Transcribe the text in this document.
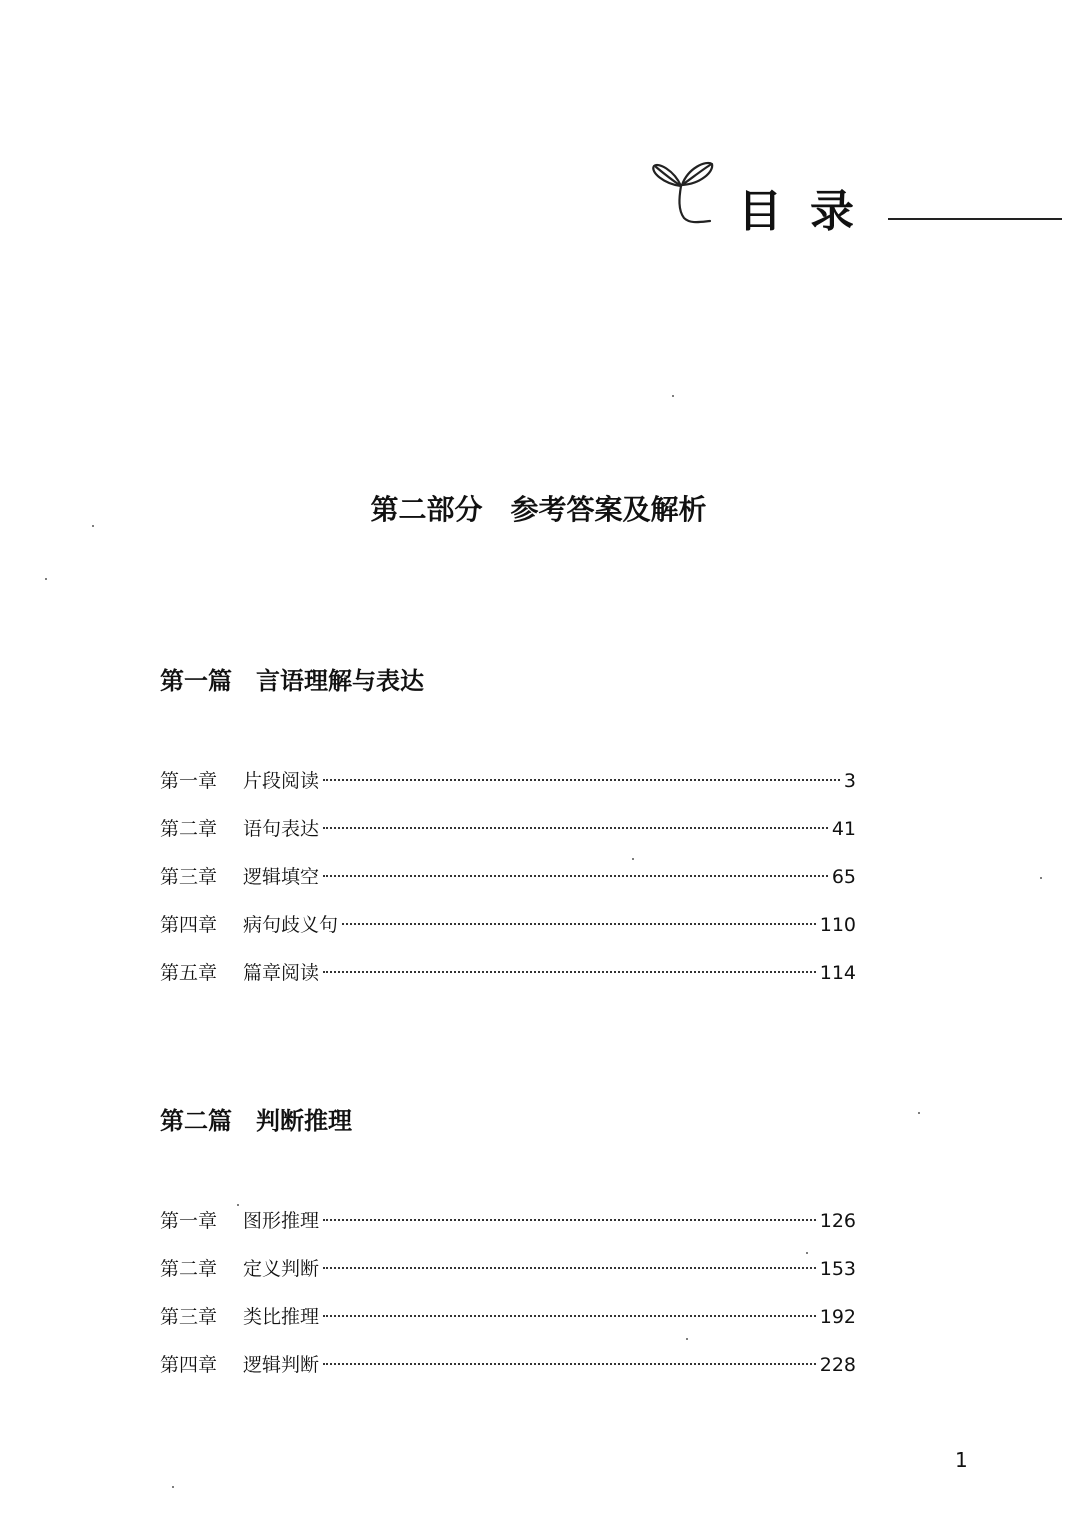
目录
第二部分　参考答案及解析
第一篇　言语理解与表达
第一章	片段阅读	3
第二章	语句表达	41
第三章	逻辑填空	65
第四章	病句歧义句	110
第五章	篇章阅读	114
第二篇　判断推理
第一章	图形推理	126
第二章	定义判断	153
第三章	类比推理	192
第四章	逻辑判断	228
1
